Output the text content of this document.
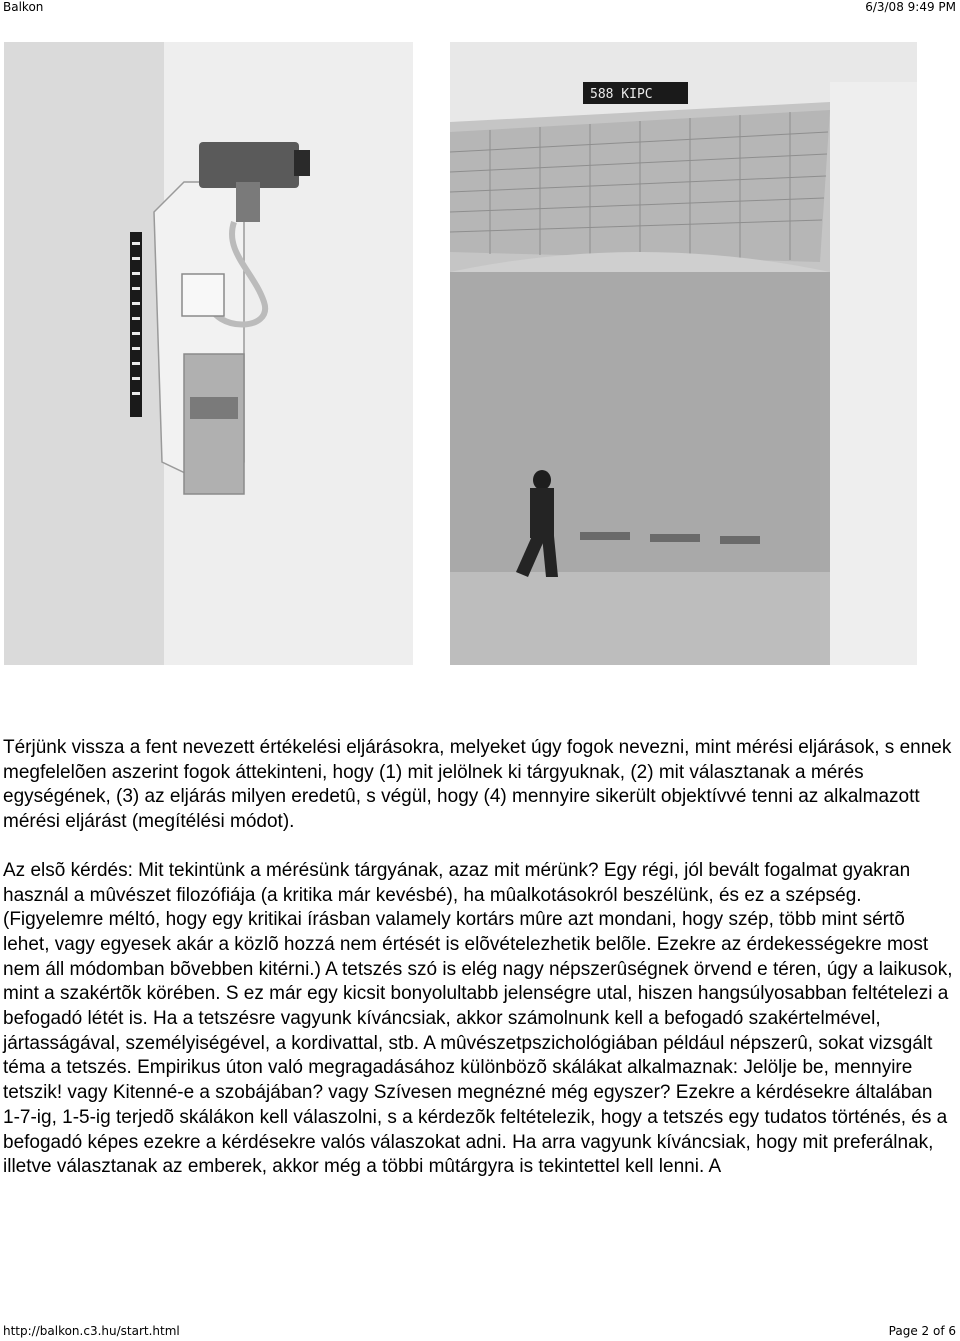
Balkon	6/3/08 9:49 PM
588 KIPC

Térjünk vissza a fent nevezett értékelési eljárásokra, melyeket úgy fogok nevezni, mint mérési eljárások, s ennek megfelelõen aszerint fogok áttekinteni, hogy (1) mit jelölnek ki tárgyuknak, (2) mit választanak a mérés egységének, (3) az eljárás milyen eredetû, s végül, hogy (4) mennyire sikerült objektívvé tenni az alkalmazott mérési eljárást (megítélési módot).

Az elsõ kérdés: Mit tekintünk a mérésünk tárgyának, azaz mit mérünk? Egy régi, jól bevált fogalmat gyakran használ a mûvészet filozófiája (a kritika már kevésbé), ha mûalkotásokról beszélünk, és ez a szépség. (Figyelemre méltó, hogy egy kritikai írásban valamely kortárs mûre azt mondani, hogy szép, több mint sértõ lehet, vagy egyesek akár a közlõ hozzá nem értését is elõvételezhetik belõle. Ezekre az érdekességekre most nem áll módomban bõvebben kitérni.) A tetszés szó is elég nagy népszerûségnek örvend e téren, úgy a laikusok, mint a szakértõk körében. S ez már egy kicsit bonyolultabb jelenségre utal, hiszen hangsúlyosabban feltételezi a befogadó létét is. Ha a tetszésre vagyunk kíváncsiak, akkor számolnunk kell a befogadó szakértelmével, jártasságával, személyiségével, a kordivattal, stb. A mûvészetpszichológiában például népszerû, sokat vizsgált téma a tetszés. Empirikus úton való megragadásához különbözõ skálákat alkalmaznak: Jelölje be, mennyire tetszik! vagy Kitenné-e a szobájában? vagy Szívesen megnézné még egyszer? Ezekre a kérdésekre általában 1-7-ig, 1-5-ig terjedõ skálákon kell válaszolni, s a kérdezõk feltételezik, hogy a tetszés egy tudatos történés, és a befogadó képes ezekre a kérdésekre valós válaszokat adni. Ha arra vagyunk kíváncsiak, hogy mit preferálnak, illetve választanak az emberek, akkor még a többi mûtárgyra is tekintettel kell lenni. A

http://balkon.c3.hu/start.html	Page 2 of 6
